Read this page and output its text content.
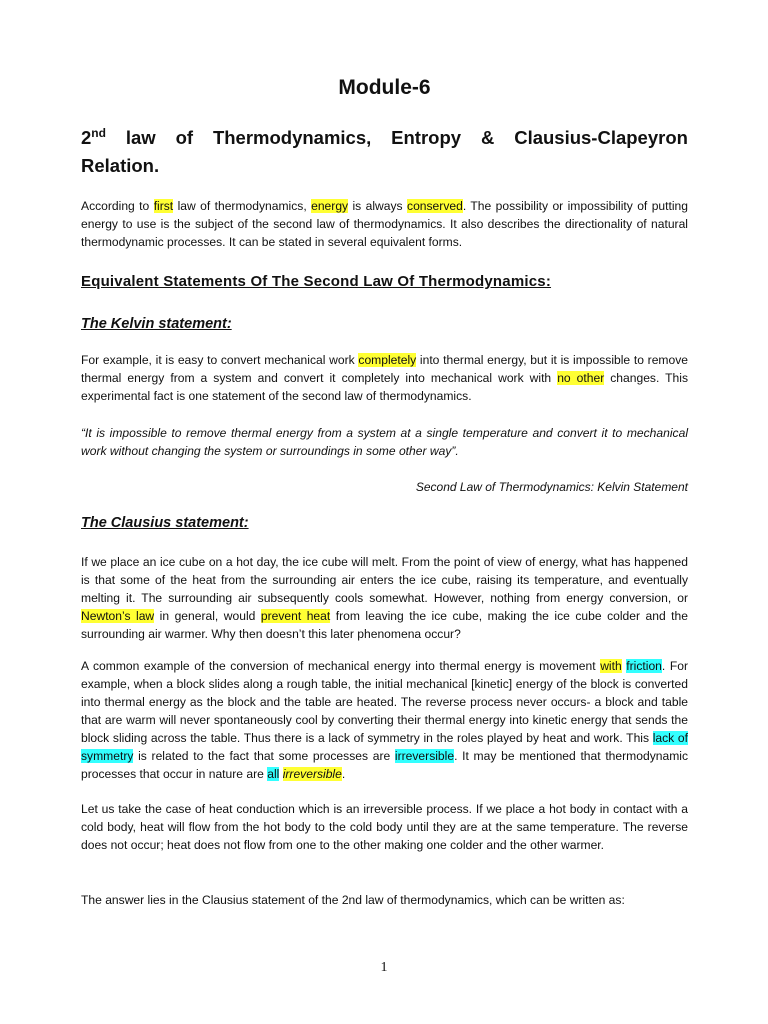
Module-6
2nd law of Thermodynamics, Entropy & Clausius-Clapeyron
Relation.

According to first law of thermodynamics, energy is always conserved. The possibility or impossibility of putting energy to use is the subject of the second law of thermodynamics. It also describes the directionality of natural thermodynamic processes. It can be stated in several equivalent forms.

Equivalent Statements Of The Second Law Of Thermodynamics:
The Kelvin statement:

For example, it is easy to convert mechanical work completely into thermal energy, but it is impossible to remove thermal energy from a system and convert it completely into mechanical work with no other changes. This experimental fact is one statement of the second law of thermodynamics.

“It is impossible to remove thermal energy from a system at a single temperature and convert it to mechanical work without changing the system or surroundings in some other way”.

Second Law of Thermodynamics: Kelvin Statement
The Clausius statement:

If we place an ice cube on a hot day, the ice cube will melt. From the point of view of energy, what has happened is that some of the heat from the surrounding air enters the ice cube, raising its temperature, and eventually melting it. The surrounding air subsequently cools somewhat. However, nothing from energy conversion, or Newton’s law in general, would prevent heat from leaving the ice cube, making the ice cube colder and the surrounding air warmer. Why then doesn’t this later phenomena occur?

A common example of the conversion of mechanical energy into thermal energy is movement with friction. For example, when a block slides along a rough table, the initial mechanical [kinetic] energy of the block is converted into thermal energy as the block and the table are heated. The reverse process never occurs- a block and table that are warm will never spontaneously cool by converting their thermal energy into kinetic energy that sends the block sliding across the table. Thus there is a lack of symmetry in the roles played by heat and work. This lack of symmetry is related to the fact that some processes are irreversible. It may be mentioned that thermodynamic processes that occur in nature are all irreversible.

Let us take the case of heat conduction which is an irreversible process. If we place a hot body in contact with a cold body, heat will flow from the hot body to the cold body until they are at the same temperature. The reverse does not occur; heat does not flow from one to the other making one colder and the other warmer.

The answer lies in the Clausius statement of the 2nd law of thermodynamics, which can be written as:

1
